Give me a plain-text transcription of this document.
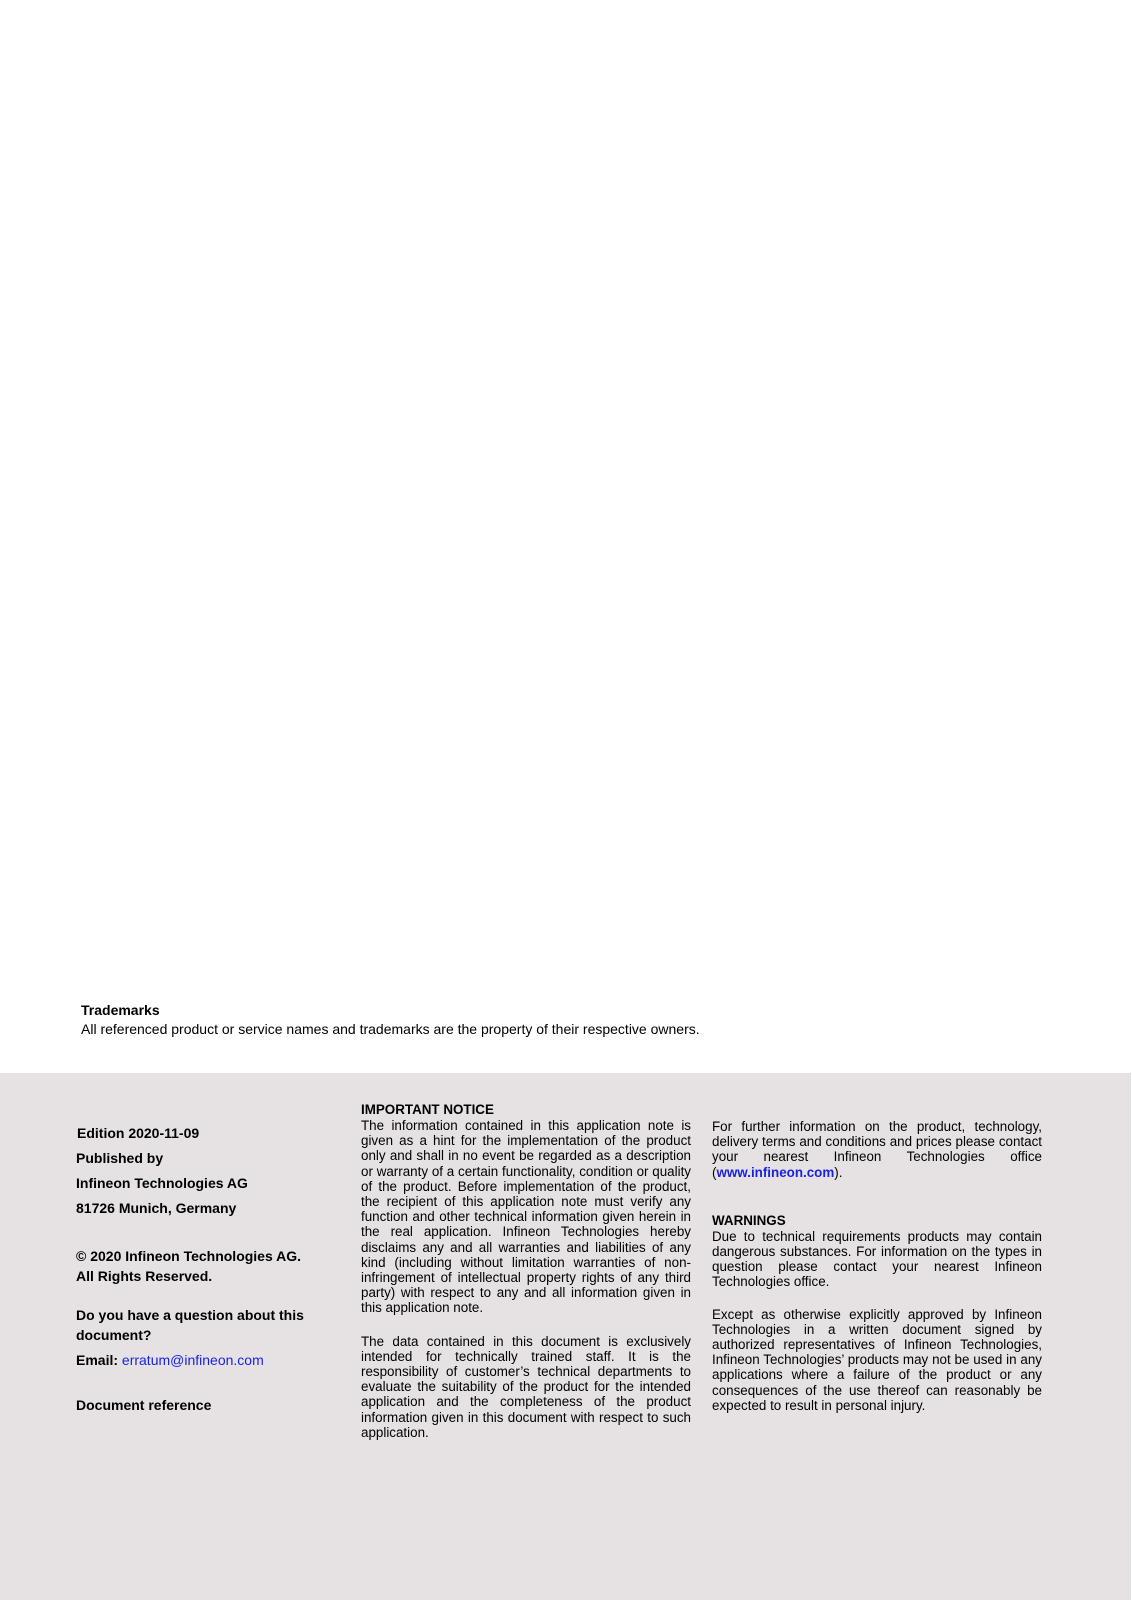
Trademarks
All referenced product or service names and trademarks are the property of their respective owners.
Edition 2020-11-09
Published by
Infineon Technologies AG
81726 Munich, Germany
© 2020 Infineon Technologies AG.
All Rights Reserved.
Do you have a question about this
document?
Email: erratum@infineon.com
Document reference
IMPORTANT NOTICE

The information contained in this application note is given as a hint for the implementation of the product only and shall in no event be regarded as a description or warranty of a certain functionality, condition or quality of the product. Before implementation of the product, the recipient of this application note must verify any function and other technical information given herein in the real application. Infineon Technologies hereby disclaims any and all warranties and liabilities of any kind (including without limitation warranties of non-infringement of intellectual property rights of any third party) with respect to any and all information given in this application note.

The data contained in this document is exclusively intended for technically trained staff. It is the responsibility of customer’s technical departments to evaluate the suitability of the product for the intended application and the completeness of the product information given in this document with respect to such application.

For further information on the product, technology, delivery terms and conditions and prices please contact your nearest Infineon Technologies office (www.infineon.com).

WARNINGS

Due to technical requirements products may contain dangerous substances. For information on the types in question please contact your nearest Infineon Technologies office.

Except as otherwise explicitly approved by Infineon Technologies in a written document signed by authorized representatives of Infineon Technologies, Infineon Technologies’ products may not be used in any applications where a failure of the product or any consequences of the use thereof can reasonably be expected to result in personal injury.
